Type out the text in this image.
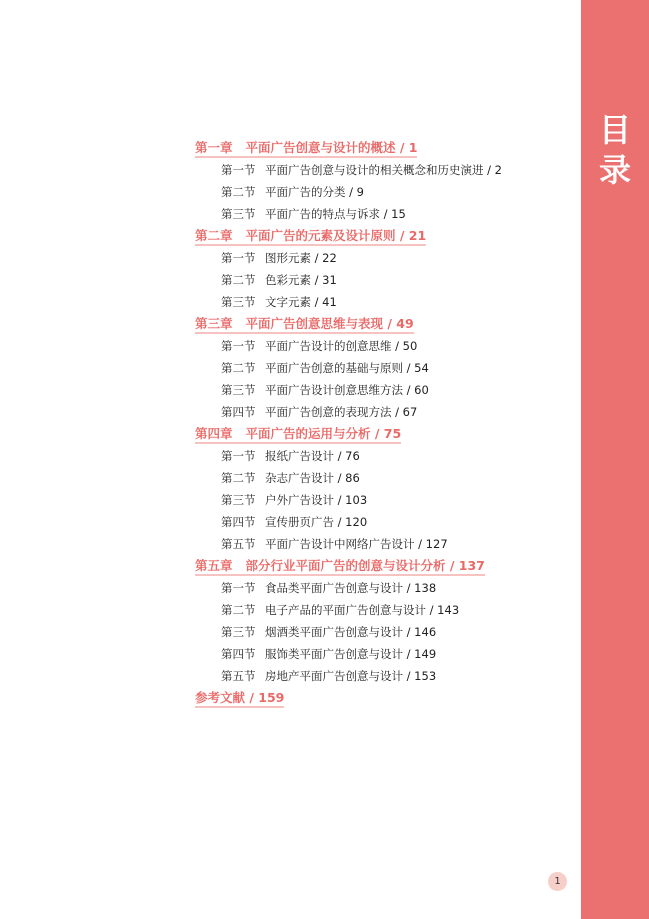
目
录
第一章 平面广告创意与设计的概述 / 1
第一节 平面广告创意与设计的相关概念和历史演进 / 2
第二节 平面广告的分类 / 9
第三节 平面广告的特点与诉求 / 15
第二章 平面广告的元素及设计原则 / 21
第一节 图形元素 / 22
第二节 色彩元素 / 31
第三节 文字元素 / 41
第三章 平面广告创意思维与表现 / 49
第一节 平面广告设计的创意思维 / 50
第二节 平面广告创意的基础与原则 / 54
第三节 平面广告设计创意思维方法 / 60
第四节 平面广告创意的表现方法 / 67
第四章 平面广告的运用与分析 / 75
第一节 报纸广告设计 / 76
第二节 杂志广告设计 / 86
第三节 户外广告设计 / 103
第四节 宣传册页广告 / 120
第五节 平面广告设计中网络广告设计 / 127
第五章 部分行业平面广告的创意与设计分析 / 137
第一节 食品类平面广告创意与设计 / 138
第二节 电子产品的平面广告创意与设计 / 143
第三节 烟酒类平面广告创意与设计 / 146
第四节 服饰类平面广告创意与设计 / 149
第五节 房地产平面广告创意与设计 / 153
参考文献 / 159
1
